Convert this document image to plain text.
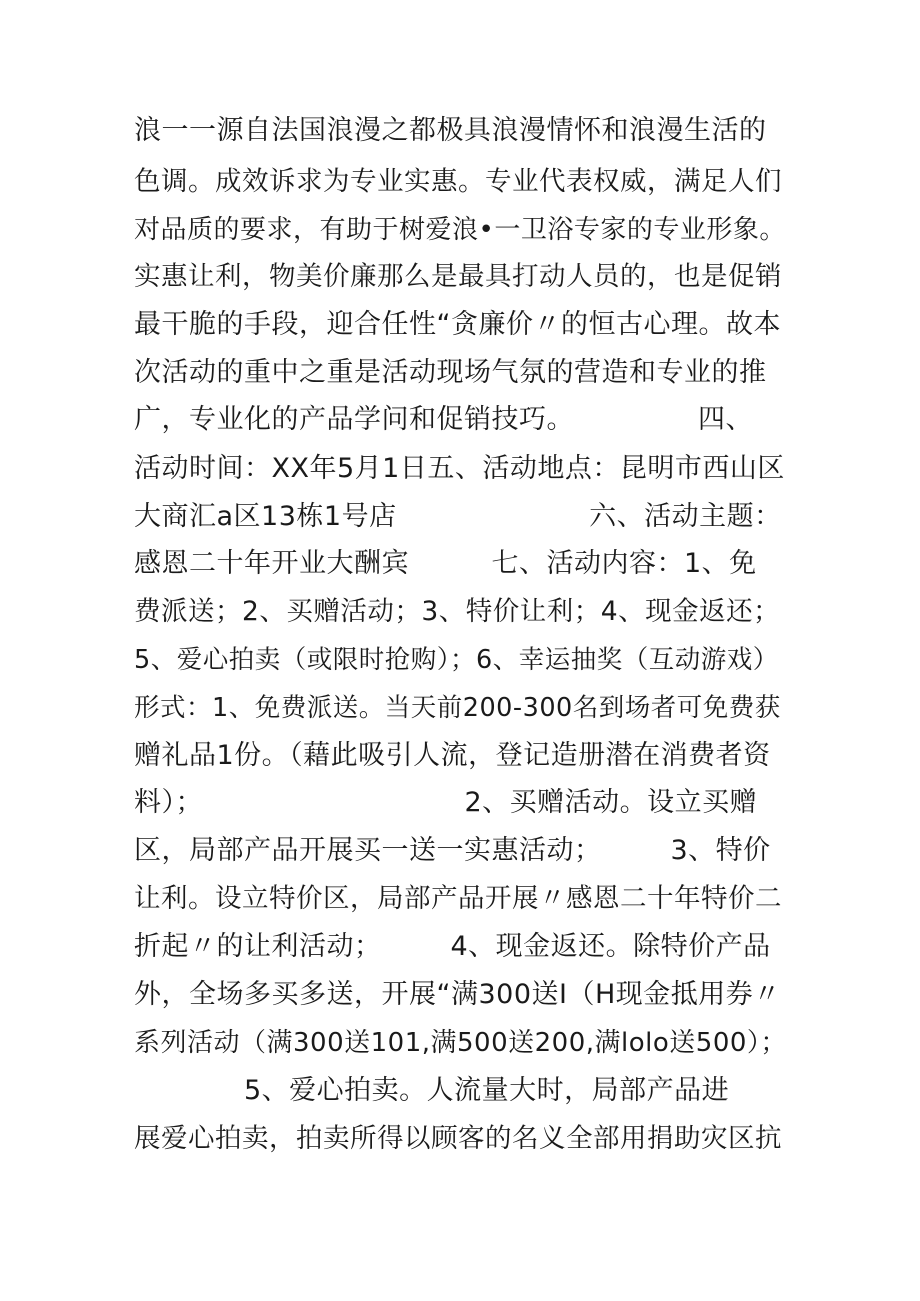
浪一一源自法国浪漫之都极具浪漫情怀和浪漫生活的
色调。成效诉求为专业实惠。专业代表权威，满足人们
对品质的要求，有助于树爱浪•一卫浴专家的专业形象。
实惠让利，物美价廉那么是最具打动人员的，也是促销
最干脆的手段，迎合任性“贪廉价〃的恒古心理。故本
次活动的重中之重是活动现场气氛的营造和专业的推
广，专业化的产品学问和促销技巧。　　　　　四、
活动时间：XX年5月1日五、活动地点：昆明市西山区
大商汇a区13栋1号店　　　　　　　六、活动主题：
感恩二十年开业大酬宾　　　七、活动内容：1、免
费派送；2、买赠活动；3、特价让利；4、现金返还；
5、爱心拍卖（或限时抢购）；6、幸运抽奖（互动游戏）
形式：1、免费派送。当天前200-300名到场者可免费获
赠礼品1份。（藉此吸引人流，登记造册潜在消费者资
料）；　　　　　　　　　　2、买赠活动。设立买赠
区，局部产品开展买一送一实惠活动；　　　3、特价
让利。设立特价区，局部产品开展〃感恩二十年特价二
折起〃的让利活动；　　　4、现金返还。除特价产品
外，全场多买多送，开展“满300送I（H现金抵用券〃
系列活动（满300送101,满500送200,满lolo送500）；
　　　　5、爱心拍卖。人流量大时，局部产品进
展爱心拍卖，拍卖所得以顾客的名义全部用捐助灾区抗
